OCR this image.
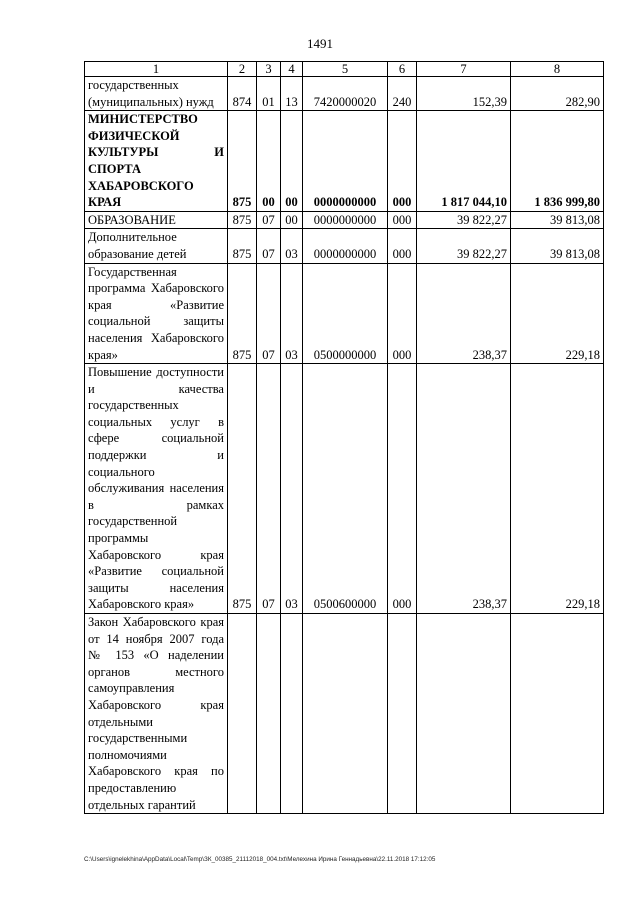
1491
1	2	3	4	5	6	7	8
государственных (муниципальных) нужд	874	01	13	7420000020	240	152,39	282,90
МИНИСТЕРСТВО ФИЗИЧЕСКОЙ КУЛЬТУРЫ И СПОРТА ХАБАРОВСКОГО КРАЯ	875	00	00	0000000000	000	1 817 044,10	1 836 999,80
ОБРАЗОВАНИЕ	875	07	00	0000000000	000	39 822,27	39 813,08
Дополнительное образование детей	875	07	03	0000000000	000	39 822,27	39 813,08
Государственная программа Хабаровского края «Развитие социальной защиты населения Хабаровского края»	875	07	03	0500000000	000	238,37	229,18
Повышение доступности и качества государственных социальных услуг в сфере социальной поддержки и социального обслуживания населения в рамках государственной программы Хабаровского края «Развитие социальной защиты населения Хабаровского края»	875	07	03	0500600000	000	238,37	229,18
Закон Хабаровского края от 14 ноября 2007 года № 153 «О наделении органов местного самоуправления Хабаровского края отдельными государственными полномочиями Хабаровского края по предоставлению отдельных гарантий							
C:\Users\ignelekhina\AppData\Local\Temp\ЗК_00385_21112018_004.txt\Мелехина Ирина Геннадьевна\22.11.2018 17:12:05
